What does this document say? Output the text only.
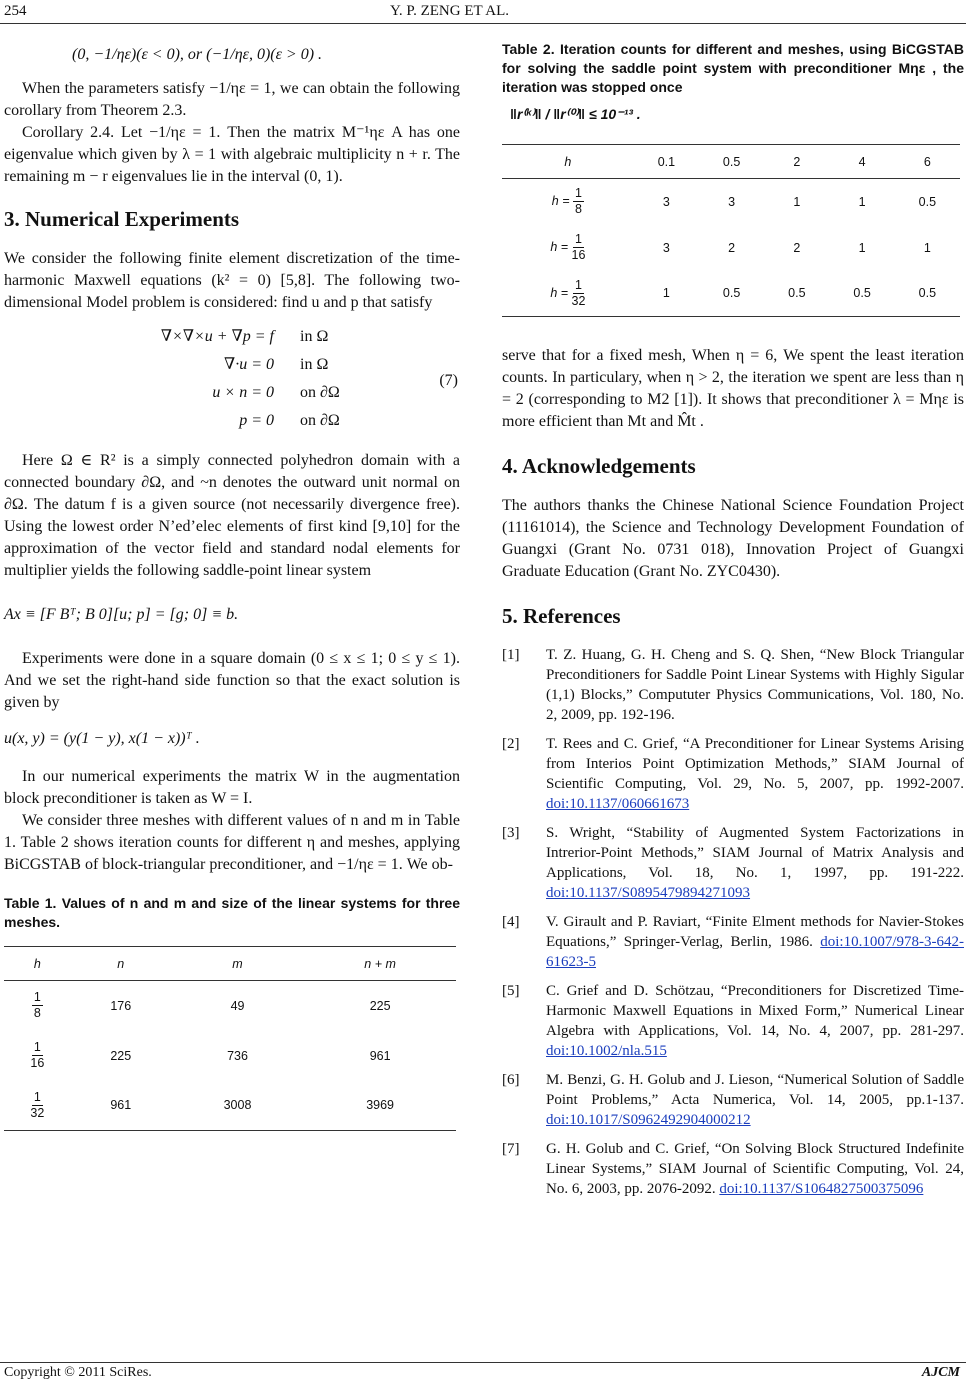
254	Y. P. ZENG ET AL.

(0, −1/ηε)(ε < 0), or (−1/ηε, 0)(ε > 0) .

When the parameters satisfy −1/ηε = 1, we can obtain the following corollary from Theorem 2.3.

Corollary 2.4. Let −1/ηε = 1. Then the matrix M⁻¹ηε A has one eigenvalue which given by λ = 1 with algebraic multiplicity n + r. The remaining m − r eigenvalues lie in the interval (0, 1).

3. Numerical Experiments

We consider the following finite element discretization of the time-harmonic Maxwell equations (k² = 0) [5,8]. The following two-dimensional Model problem is considered: find u and p that satisfy

∇×∇×u + ∇p = f in Ω
∇·u = 0 in Ω
u × n = 0 on ∂Ω
p = 0 on ∂Ω
(7)

Here Ω ∈ R² is a simply connected polyhedron domain with a connected boundary ∂Ω, and ~n denotes the outward unit normal on ∂Ω. The datum f is a given source (not necessarily divergence free). Using the lowest order N’ed’elec elements of first kind [9,10] for the approximation of the vector field and standard nodal elements for multiplier yields the following saddle-point linear system

Ax ≡ [F Bᵀ; B 0][u; p] = [g; 0] ≡ b.

Experiments were done in a square domain (0 ≤ x ≤ 1; 0 ≤ y ≤ 1). And we set the right-hand side function so that the exact solution is given by

u(x, y) = (y(1 − y), x(1 − x))ᵀ .

In our numerical experiments the matrix W in the augmentation block preconditioner is taken as W = I.

We consider three meshes with different values of n and m in Table 1. Table 2 shows iteration counts for different η and meshes, applying BiCGSTAB of block-triangular preconditioner, and −1/ηε = 1. We ob-

Table 1. Values of n and m and size of the linear systems for three meshes.

h	n	m	n + m

$\frac{1}{8}$	176	49	225

$\frac{1}{16}$	225	736	961

$\frac{1}{32}$	961	3008	3969

Table 2. Iteration counts for different and meshes, using BiCGSTAB for solving the saddle point system with preconditioner Mηε , the iteration was stopped once

‖r⁽ᵏ⁾‖ / ‖r⁽⁰⁾‖ ≤ 10⁻¹³ .

h	0.1	0.5	2	4	6
$h = \frac{1}{8}$	3	3	1	1	0.5
$h = \frac{1}{16}$	3	2	2	1	1
$h = \frac{1}{32}$	1	0.5	0.5	0.5	0.5

serve that for a fixed mesh, When η = 6, We spent the least iteration counts. In particulary, when η > 2, the iteration we spent are less than η = 2 (corresponding to M2 [1]). It shows that preconditioner λ = Mηε is more efficient than Mt and M̂t .

4. Acknowledgements

The authors thanks the Chinese National Science Foundation Project (11161014), the Science and Technology Development Foundation of Guangxi (Grant No. 0731 018), Innovation Project of Guangxi Graduate Education (Grant No. ZYC0430).

5. References
[1] T. Z. Huang, G. H. Cheng and S. Q. Shen, “New Block Triangular Preconditioners for Saddle Point Linear Systems with Highly Sigular (1,1) Blocks,” Compututer Physics Communications, Vol. 180, No. 2, 2009, pp. 192-196.
[2] T. Rees and C. Grief, “A Preconditioner for Linear Systems Arising from Interios Point Optimization Methods,” SIAM Journal of Scientific Computing, Vol. 29, No. 5, 2007, pp. 1992-2007. doi:10.1137/060661673
[3] S. Wright, “Stability of Augmented System Factorizations in Intrerior-Point Methods,” SIAM Journal of Matrix Analysis and Applications, Vol. 18, No. 1, 1997, pp. 191-222. doi:10.1137/S0895479894271093
[4] V. Girault and P. Raviart, “Finite Elment methods for Navier-Stokes Equations,” Springer-Verlag, Berlin, 1986. doi:10.1007/978-3-642-61623-5
[5] C. Grief and D. Schötzau, “Preconditioners for Discretized Time-Harmonic Maxwell Equations in Mixed Form,” Numerical Linear Algebra with Applications, Vol. 14, No. 4, 2007, pp. 281-297. doi:10.1002/nla.515
[6] M. Benzi, G. H. Golub and J. Lieson, “Numerical Solution of Saddle Point Problems,” Acta Numerica, Vol. 14, 2005, pp.1-137. doi:10.1017/S0962492904000212
[7] G. H. Golub and C. Grief, “On Solving Block Structured Indefinite Linear Systems,” SIAM Journal of Scientific Computing, Vol. 24, No. 6, 2003, pp. 2076-2092. doi:10.1137/S1064827500375096
Copyright © 2011 SciRes.	AJCM
